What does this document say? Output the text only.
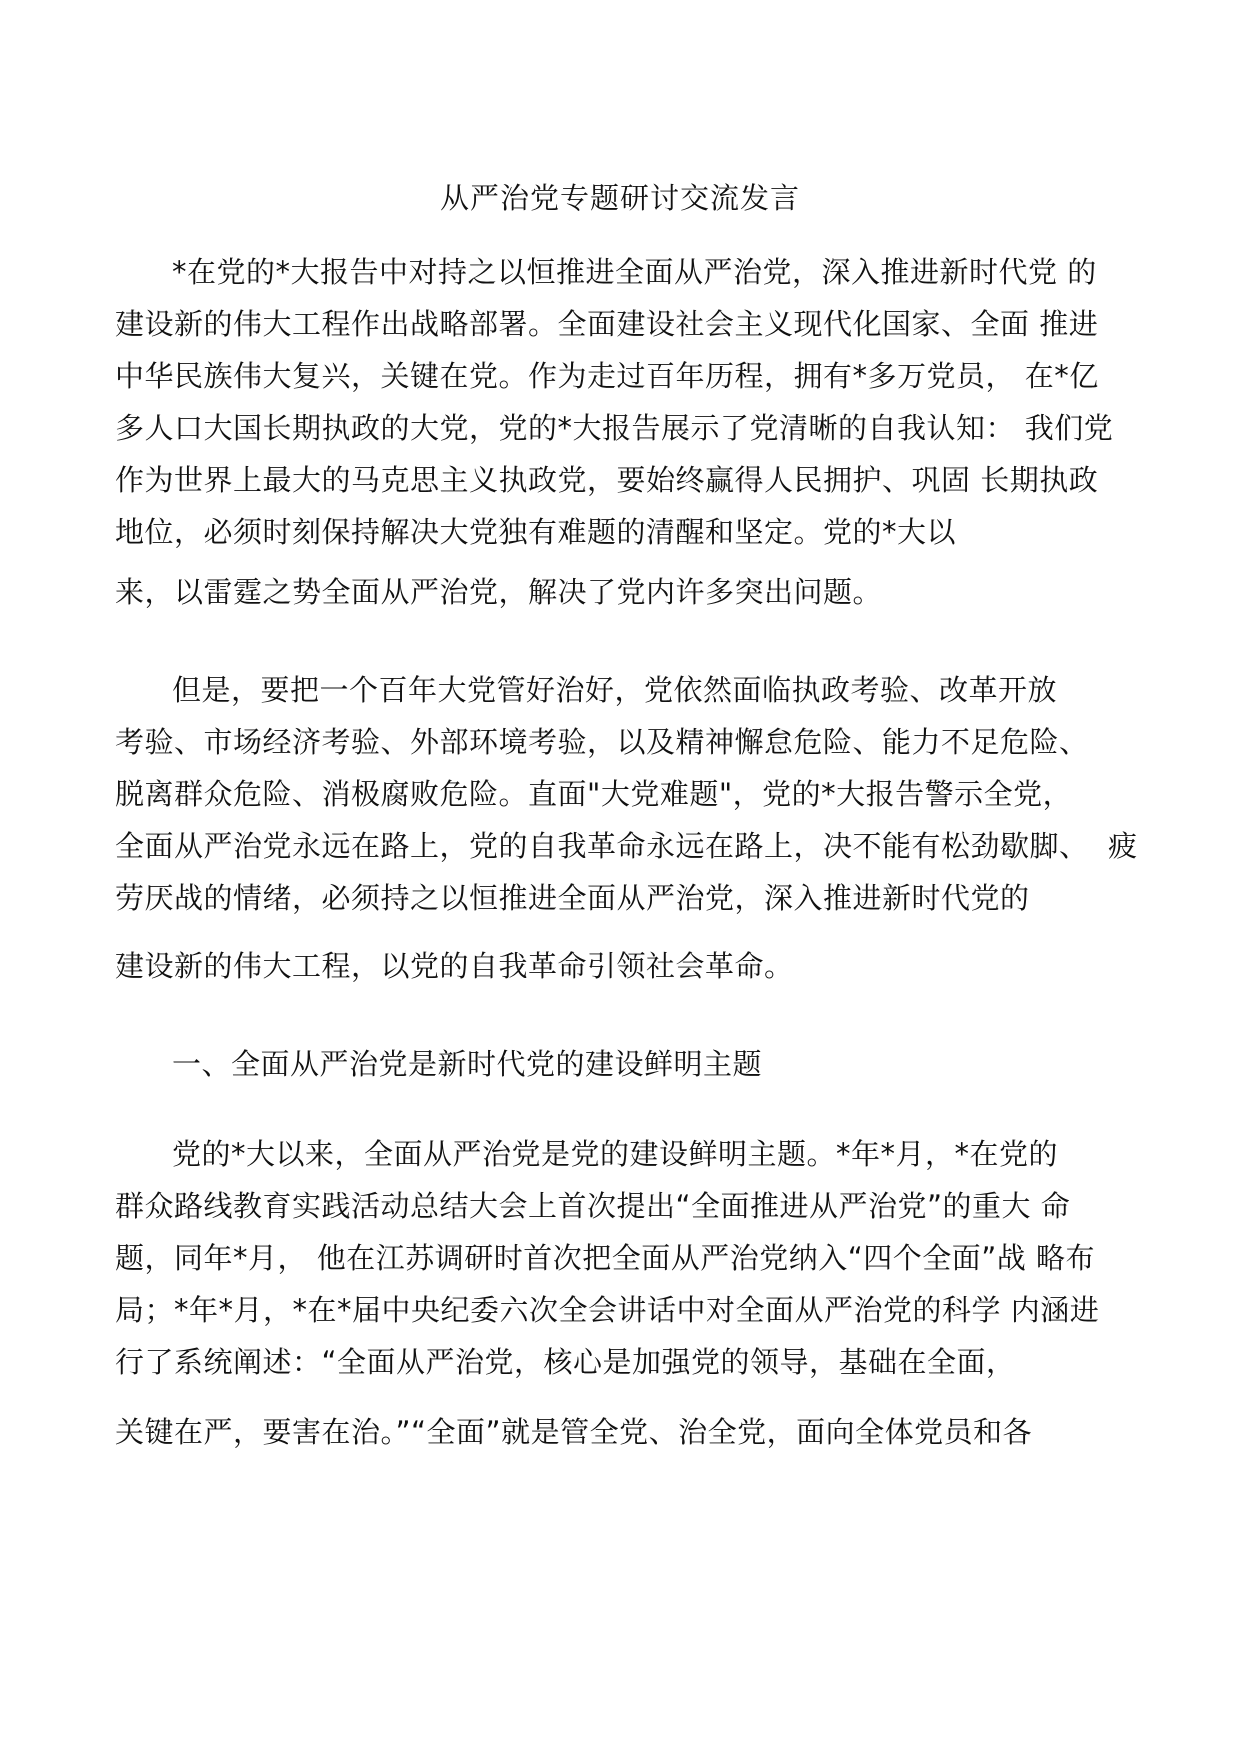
从严治党专题研讨交流发言
*在党的*大报告中对持之以恒推进全面从严治党，深入推进新时代党 的
建设新的伟大工程作出战略部署。全面建设社会主义现代化国家、全面 推进
中华民族伟大复兴，关键在党。作为走过百年历程，拥有*多万党员， 在*亿
多人口大国长期执政的大党，党的*大报告展示了党清晰的自我认知： 我们党
作为世界上最大的马克思主义执政党，要始终赢得人民拥护、巩固 长期执政
地位，必须时刻保持解决大党独有难题的清醒和坚定。党的*大以
来，以雷霆之势全面从严治党，解决了党内许多突出问题。
但是，要把一个百年大党管好治好，党依然面临执政考验、改革开放
考验、市场经济考验、外部环境考验，以及精神懈怠危险、能力不足危险、
脱离群众危险、消极腐败危险。直面"大党难题"，党的*大报告警示全党，
全面从严治党永远在路上，党的自我革命永远在路上，决不能有松劲歇脚、  疲
劳厌战的情绪，必须持之以恒推进全面从严治党，深入推进新时代党的
建设新的伟大工程，以党的自我革命引领社会革命。
一、全面从严治党是新时代党的建设鲜明主题
党的*大以来，全面从严治党是党的建设鲜明主题。*年*月，*在党的
群众路线教育实践活动总结大会上首次提出“全面推进从严治党”的重大 命
题，同年*月， 他在江苏调研时首次把全面从严治党纳入“四个全面”战 略布
局；*年*月，*在*届中央纪委六次全会讲话中对全面从严治党的科学 内涵进
行了系统阐述：“全面从严治党，核心是加强党的领导，基础在全面，
关键在严，要害在治。”“全面”就是管全党、治全党，面向全体党员和各
